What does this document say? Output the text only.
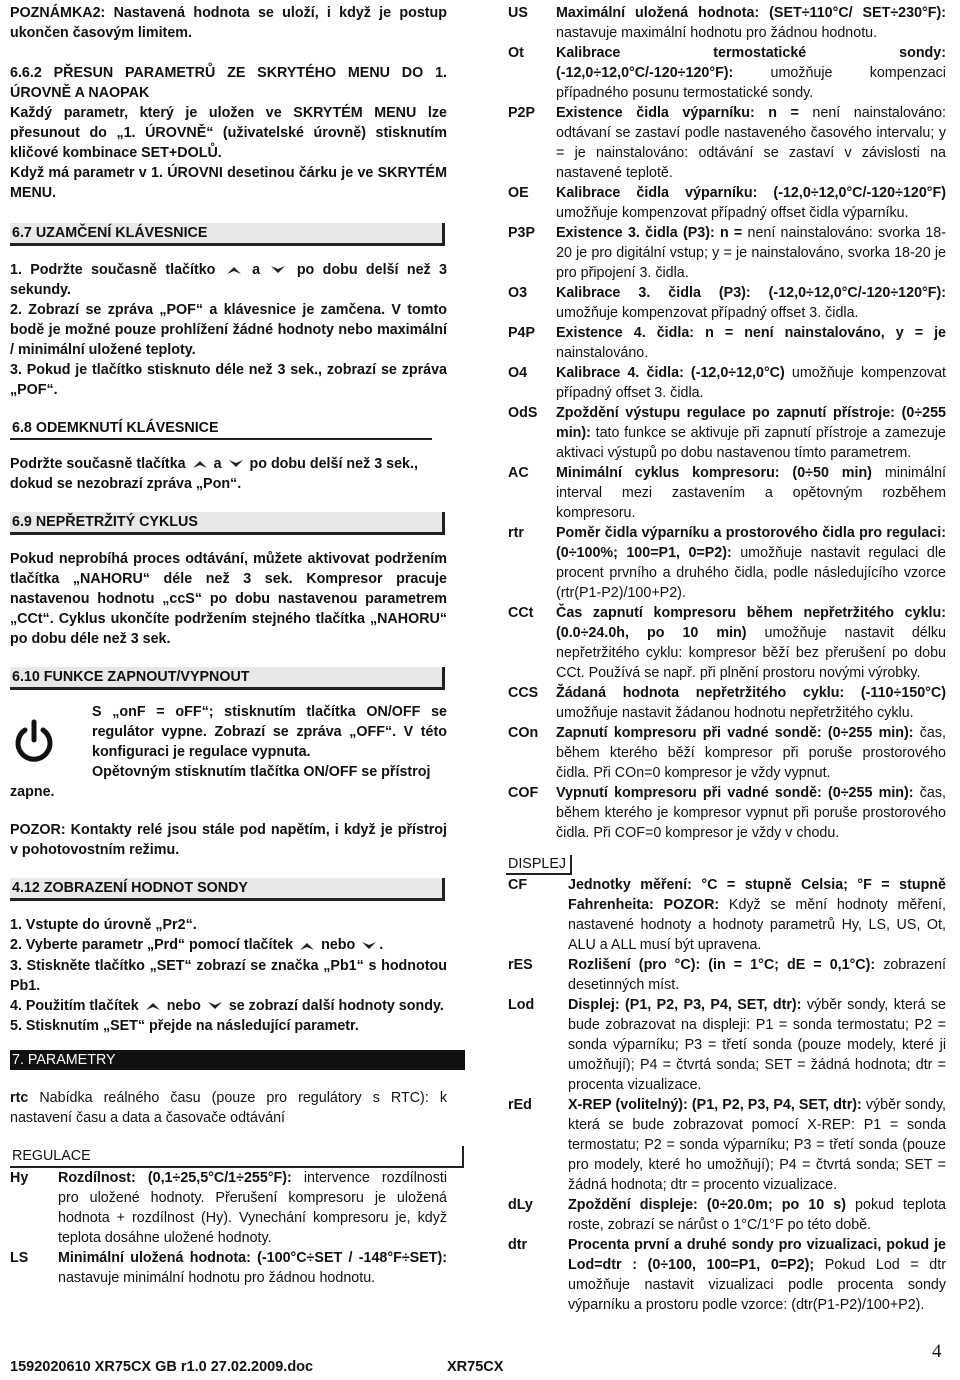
POZNÁMKA2: Nastavená hodnota se uloží, i když je postup ukončen časovým limitem.

6.6.2 PŘESUN PARAMETRŮ ZE SKRYTÉHO MENU DO 1. ÚROVNĚ A NAOPAK

Každý parametr, který je uložen ve SKRYTÉM MENU lze přesunout do „1. ÚROVNĚ“ (uživatelské úrovně) stisknutím kličové kombinace SET+DOLŮ.

Když má parametr v 1. ÚROVNI desetinou čárku je ve SKRYTÉM MENU.

6.7 UZAMČENÍ KLÁVESNICE

1. Podržte současně tlačítko	a	po dobu delší než 3 sekundy.

2. Zobrazí se zpráva „POF“ a klávesnice je zamčena. V tomto bodě je možné pouze prohlížení žádné hodnoty nebo maximální / minimální uložené teploty.

3. Pokud je tlačítko stisknuto déle než 3 sek., zobrazí se zpráva „POF“.

6.8 ODEMKNUTÍ KLÁVESNICE

Podržte současně tlačítka a po dobu delší než 3 sek., dokud se nezobrazí zpráva „Pon“.

6.9 NEPŘETRŽITÝ CYKLUS

Pokud neprobíhá proces odtávání, můžete aktivovat podržením tlačítka „NAHORU“ déle než 3 sek. Kompresor pracuje nastavenou hodnotu „ccS“ po dobu nastavenou parametrem „CCt“. Cyklus ukončíte podržením stejného tlačítka „NAHORU“ po dobu déle než 3 sek.

6.10 FUNKCE ZAPNOUT/VYPNOUT

S „onF = oFF“; stisknutím tlačítka ON/OFF se regulátor vypne. Zobrazí se zpráva „OFF“. V této konfiguraci je regulace vypnuta.

Opětovným stisknutím tlačítka ON/OFF se přístroj

zapne.

POZOR: Kontakty relé jsou stále pod napětím, i když je přístroj v pohotovostním režimu.

4.12 ZOBRAZENÍ HODNOT SONDY

1. Vstupte do úrovně „Pr2“.

2. Vyberte parametr „Prd“ pomocí tlačítek nebo .

3. Stiskněte tlačítko „SET“ zobrazí se značka „Pb1“ s hodnotou Pb1.

4. Použitím tlačítek nebo se zobrazí další hodnoty sondy.

5. Stisknutím „SET“ přejde na následující parametr.

7. PARAMETRY

rtc Nabídka reálného času (pouze pro regulátory s RTC): k nastavení času a data a časovače odtávání

REGULACE
Hy	Rozdílnost: (0,1÷25,5°C/1÷255°F): intervence rozdílnosti pro uložené hodnoty. Přerušení kompresoru je uložená hodnota + rozdílnost (Hy). Vynechání kompresoru je, když teplota dosáhne uložené hodnoty.
LS	Minimální uložená hodnota: (-100°C÷SET / -148°F÷SET): nastavuje minimální hodnotu pro žádnou hodnotu.
US	Maximální uložená hodnota: (SET÷110°C/ SET÷230°F): nastavuje maximální hodnotu pro žádnou hodnotu.
Ot	Kalibrace termostatické sondy: (-12,0÷12,0°C/-120÷120°F): umožňuje kompenzaci případného posunu termostatické sondy.
P2P	Existence čidla výparníku: n = není nainstalováno: odtávaní se zastaví podle nastaveného časového intervalu; y = je nainstalováno: odtávání se zastaví v závislosti na nastavené teplotě.
OE	Kalibrace čidla výparníku: (-12,0÷12,0°C/-120÷120°F) umožňuje kompenzovat případný offset čidla výparníku.
P3P	Existence 3. čidla (P3): n = není nainstalováno: svorka 18-20 je pro digitální vstup; y = je nainstalováno, svorka 18-20 je pro připojení 3. čidla.
O3	Kalibrace 3. čidla (P3): (-12,0÷12,0°C/-120÷120°F): umožňuje kompenzovat případný offset 3. čidla.
P4P	Existence 4. čidla: n = není nainstalováno, y = je nainstalováno.
O4	Kalibrace 4. čidla: (-12,0÷12,0°C) umožňuje kompenzovat případný offset 3. čidla.
OdS	Zpoždění výstupu regulace po zapnutí přístroje: (0÷255 min): tato funkce se aktivuje při zapnutí přístroje a zamezuje aktivaci výstupů po dobu nastavenou tímto parametrem.
AC	Minimální cyklus kompresoru: (0÷50 min) minimální interval mezi zastavením a opětovným rozběhem kompresoru.
rtr	Poměr čidla výparníku a prostorového čidla pro regulaci: (0÷100%; 100=P1, 0=P2): umožňuje nastavit regulaci dle procent prvního a druhého čidla, podle následujícího vzorce (rtr(P1-P2)/100+P2).
CCt	Čas zapnutí kompresoru během nepřetržitého cyklu: (0.0÷24.0h, po 10 min) umožňuje nastavit délku nepřetržitého cyklu: kompresor běží bez přerušení po dobu CCt. Používá se např. při plnění prostoru novými výrobky.
CCS	Žádaná hodnota nepřetržitého cyklu: (-110÷150°C) umožňuje nastavit žádanou hodnotu nepřetržitého cyklu.
COn	Zapnutí kompresoru při vadné sondě: (0÷255 min): čas, během kterého běží kompresor při poruše prostorového čidla. Při COn=0 kompresor je vždy vypnut.
COF	Vypnutí kompresoru při vadné sondě: (0÷255 min): čas, během kterého je kompresor vypnut při poruše prostorového čidla. Při COF=0 kompresor je vždy v chodu.
DISPLEJ
CF	Jednotky měření: °C = stupně Celsia; °F = stupně Fahrenheita: POZOR: Když se mění hodnoty měření, nastavené hodnoty a hodnoty parametrů Hy, LS, US, Ot, ALU a ALL musí být upravena.
rES	Rozlišení (pro °C): (in = 1°C; dE = 0,1°C): zobrazení desetinných míst.
Lod	Displej: (P1, P2, P3, P4, SET, dtr): výběr sondy, která se bude zobrazovat na displeji: P1 = sonda termostatu; P2 = sonda výparníku; P3 = třetí sonda (pouze modely, které ji umožňují); P4 = čtvrtá sonda; SET = žádná hodnota; dtr = procenta vizualizace.
rEd	X-REP (volitelný): (P1, P2, P3, P4, SET, dtr): výběr sondy, která se bude zobrazovat pomocí X-REP: P1 = sonda termostatu; P2 = sonda výparníku; P3 = třetí sonda (pouze pro modely, které ho umožňují); P4 = čtvrtá sonda; SET = žádná hodnota; dtr = procento vizualizace.
dLy	Zpoždění displeje: (0÷20.0m; po 10 s) pokud teplota roste, zobrazí se nárůst o 1°C/1°F po této době.
dtr	Procenta první a druhé sondy pro vizualizaci, pokud je Lod=dtr : (0÷100, 100=P1, 0=P2); Pokud Lod = dtr umožňuje nastavit vizualizaci podle procenta sondy výparníku a prostoru podle vzorce: (dtr(P1-P2)/100+P2).
1592020610 XR75CX GB r1.0 27.02.2009.doc	XR75CX
4
